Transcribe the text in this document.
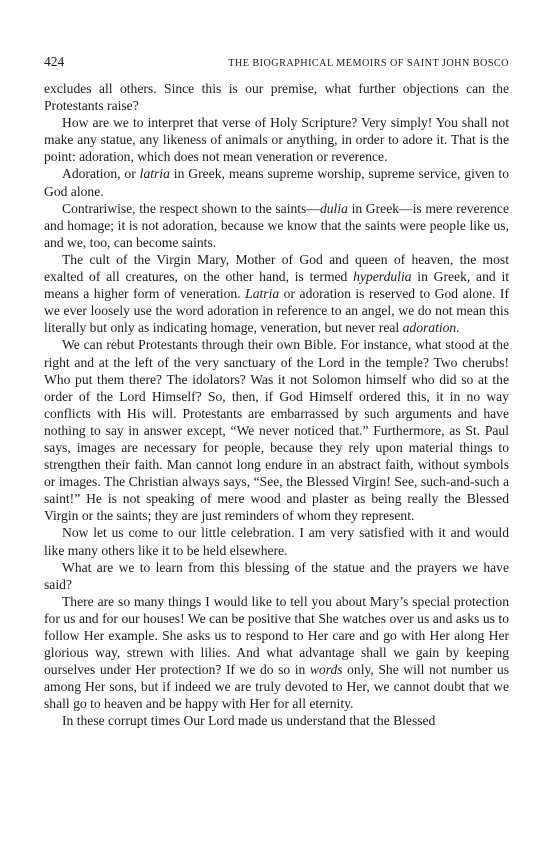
424	THE BIOGRAPHICAL MEMOIRS OF SAINT JOHN BOSCO

excludes all others. Since this is our premise, what further objections can the Protestants raise?

How are we to interpret that verse of Holy Scripture? Very simply! You shall not make any statue, any likeness of animals or anything, in order to adore it. That is the point: adoration, which does not mean veneration or reverence.

Adoration, or latria in Greek, means supreme worship, supreme service, given to God alone.

Contrariwise, the respect shown to the saints—dulia in Greek—is mere reverence and homage; it is not adoration, because we know that the saints were people like us, and we, too, can become saints.

The cult of the Virgin Mary, Mother of God and queen of heaven, the most exalted of all creatures, on the other hand, is termed hyperdulia in Greek, and it means a higher form of veneration. Latria or adoration is reserved to God alone. If we ever loosely use the word adoration in reference to an angel, we do not mean this literally but only as indicating homage, veneration, but never real adoration.

We can rebut Protestants through their own Bible. For instance, what stood at the right and at the left of the very sanctuary of the Lord in the temple? Two cherubs! Who put them there? The idolators? Was it not Solomon himself who did so at the order of the Lord Himself? So, then, if God Himself ordered this, it in no way conflicts with His will. Protestants are embarrassed by such arguments and have nothing to say in answer except, “We never noticed that.” Furthermore, as St. Paul says, images are necessary for people, because they rely upon material things to strengthen their faith. Man cannot long endure in an abstract faith, without symbols or images. The Christian always says, “See, the Blessed Virgin! See, such-and-such a saint!” He is not speaking of mere wood and plaster as being really the Blessed Virgin or the saints; they are just reminders of whom they represent.

Now let us come to our little celebration. I am very satisfied with it and would like many others like it to be held elsewhere.

What are we to learn from this blessing of the statue and the prayers we have said?

There are so many things I would like to tell you about Mary’s special protection for us and for our houses! We can be positive that She watches over us and asks us to follow Her example. She asks us to respond to Her care and go with Her along Her glorious way, strewn with lilies. And what advantage shall we gain by keeping ourselves under Her protection? If we do so in words only, She will not number us among Her sons, but if indeed we are truly devoted to Her, we cannot doubt that we shall go to heaven and be happy with Her for all eternity.

In these corrupt times Our Lord made us understand that the Blessed
